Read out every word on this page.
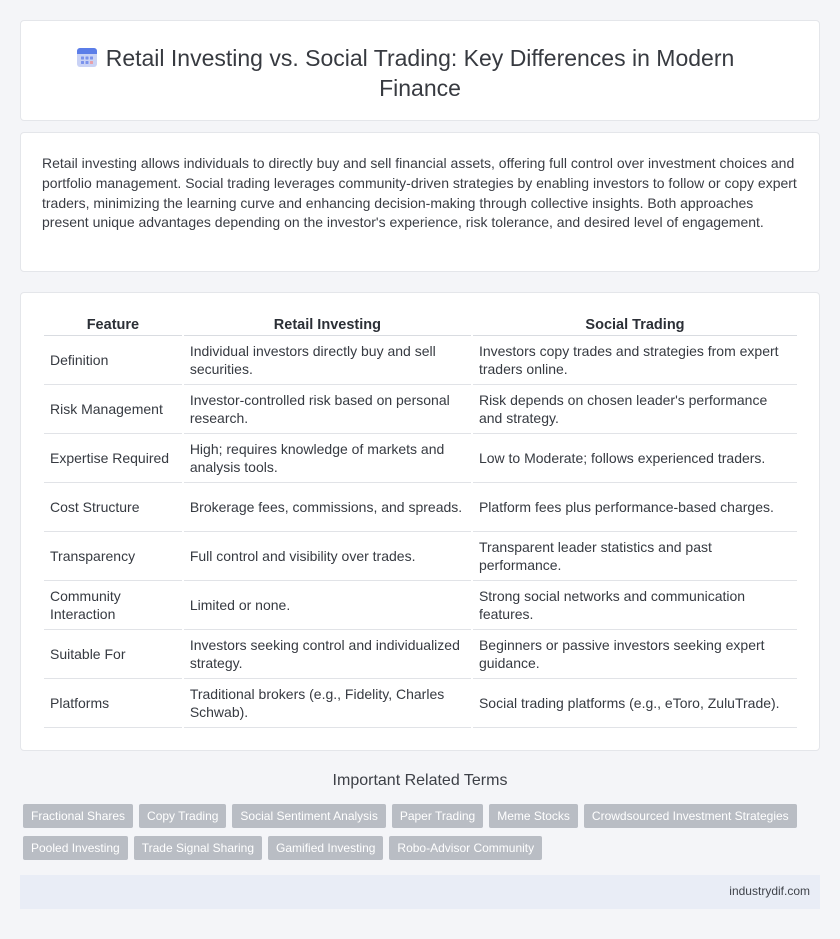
Retail Investing vs. Social Trading: Key Differences in Modern Finance

Retail investing allows individuals to directly buy and sell financial assets, offering full control over investment choices and portfolio management. Social trading leverages community-driven strategies by enabling investors to follow or copy expert traders, minimizing the learning curve and enhancing decision-making through collective insights. Both approaches present unique advantages depending on the investor's experience, risk tolerance, and desired level of engagement.

Feature	Retail Investing	Social Trading
Definition	Individual investors directly buy and sell securities.	Investors copy trades and strategies from expert traders online.
Risk Management	Investor-controlled risk based on personal research.	Risk depends on chosen leader's performance and strategy.
Expertise Required	High; requires knowledge of markets and analysis tools.	Low to Moderate; follows experienced traders.
Cost Structure	Brokerage fees, commissions, and spreads.	Platform fees plus performance-based charges.
Transparency	Full control and visibility over trades.	Transparent leader statistics and past performance.
Community Interaction	Limited or none.	Strong social networks and communication features.
Suitable For	Investors seeking control and individualized strategy.	Beginners or passive investors seeking expert guidance.
Platforms	Traditional brokers (e.g., Fidelity, Charles Schwab).	Social trading platforms (e.g., eToro, ZuluTrade).
Important Related Terms
Fractional Shares	Copy Trading	Social Sentiment Analysis	Paper Trading	Meme Stocks	Crowdsourced Investment Strategies
Pooled Investing	Trade Signal Sharing	Gamified Investing	Robo-Advisor Community
industrydif.com
